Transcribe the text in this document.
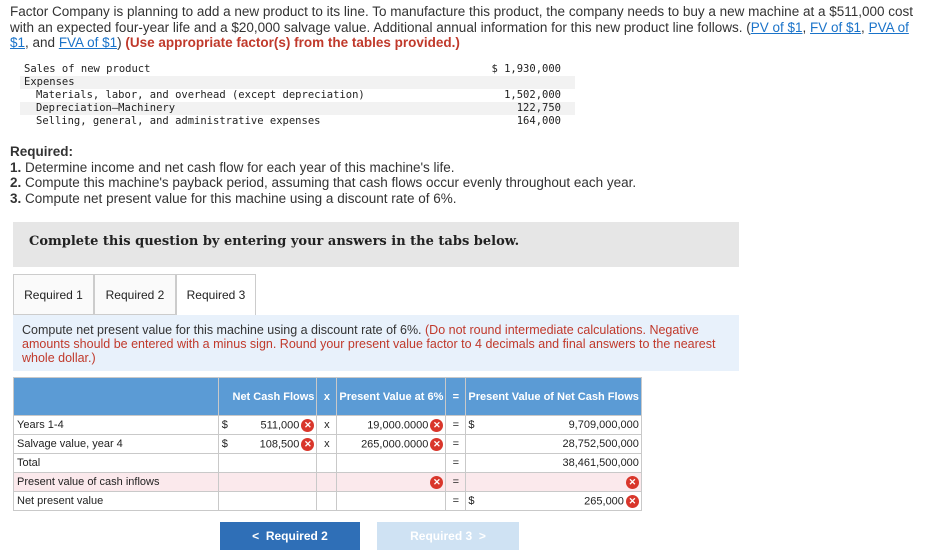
Factor Company is planning to add a new product to its line. To manufacture this product, the company needs to buy a new machine at a $511,000 cost with an expected four-year life and a $20,000 salvage value. Additional annual information for this new product line follows. (PV of $1, FV of $1, PVA of $1, and FVA of $1) (Use appropriate factor(s) from the tables provided.)
Sales of new product	$ 1,930,000
Expenses
Materials, labor, and overhead (except depreciation)	1,502,000
Depreciation—Machinery	122,750
Selling, general, and administrative expenses	164,000
Required:
1. Determine income and net cash flow for each year of this machine's life.
2. Compute this machine's payback period, assuming that cash flows occur evenly throughout each year.
3. Compute net present value for this machine using a discount rate of 6%.
Complete this question by entering your answers in the tabs below.
Required 1	Required 2	Required 3
Compute net present value for this machine using a discount rate of 6%. (Do not round intermediate calculations. Negative amounts should be entered with a minus sign. Round your present value factor to 4 decimals and final answers to the nearest whole dollar.)
		Net Cash Flows	x	Present Value at 6%	=	Present Value of Net Cash Flows
Years 1-4	$	511,000 ✕	x	19,000.0000 ✕	=	$ 9,709,000,000
Salvage value, year 4	$	108,500 ✕	x	265,000.0000 ✕	=	28,752,500,000
Total					=	38,461,500,000
Present value of cash inflows				✕	=	✕
Net present value					=	$ 265,000 ✕
< Required 2	Required 3 >
